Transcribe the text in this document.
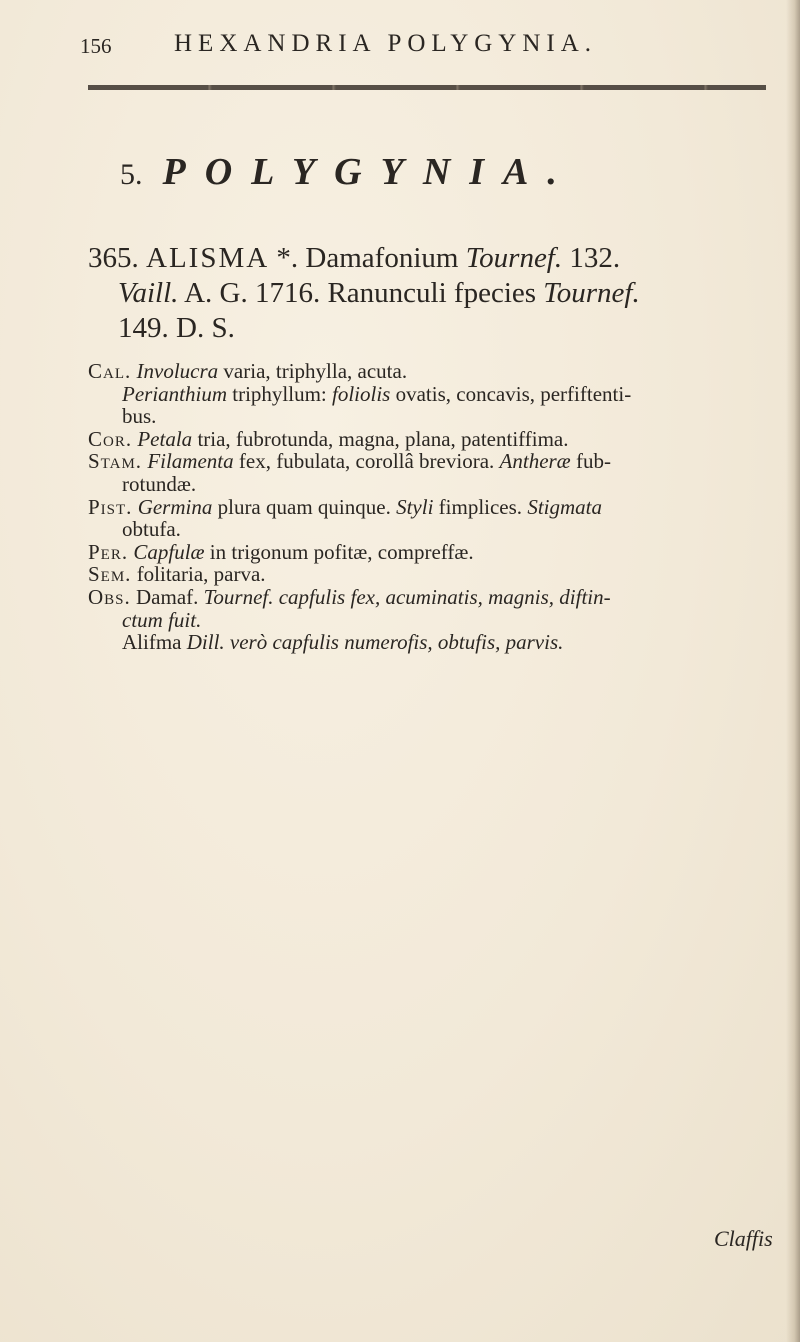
156	HEXANDRIA POLYGYNIA.
5. POLYGYNIA.
365. ALISMA *. Damafonium Tournef. 132.
Vaill. A. G. 1716. Ranunculi fpecies Tournef.
149. D. S.
Cal. Involucra varia, triphylla, acuta.
Perianthium triphyllum: foliolis ovatis, concavis, perfiftenti-
bus.
Cor. Petala tria, fubrotunda, magna, plana, patentiffima.
Stam. Filamenta fex, fubulata, corollâ breviora. Antheræ fub-
rotundæ.
Pist. Germina plura quam quinque. Styli fimplices. Stigmata
obtufa.
Per. Capfulæ in trigonum pofitæ, compreffæ.
Sem. folitaria, parva.
Obs. Damaf. Tournef. capfulis fex, acuminatis, magnis, diftin-
ctum fuit.
Alifma Dill. verò capfulis numerofis, obtufis, parvis.
Claffis
